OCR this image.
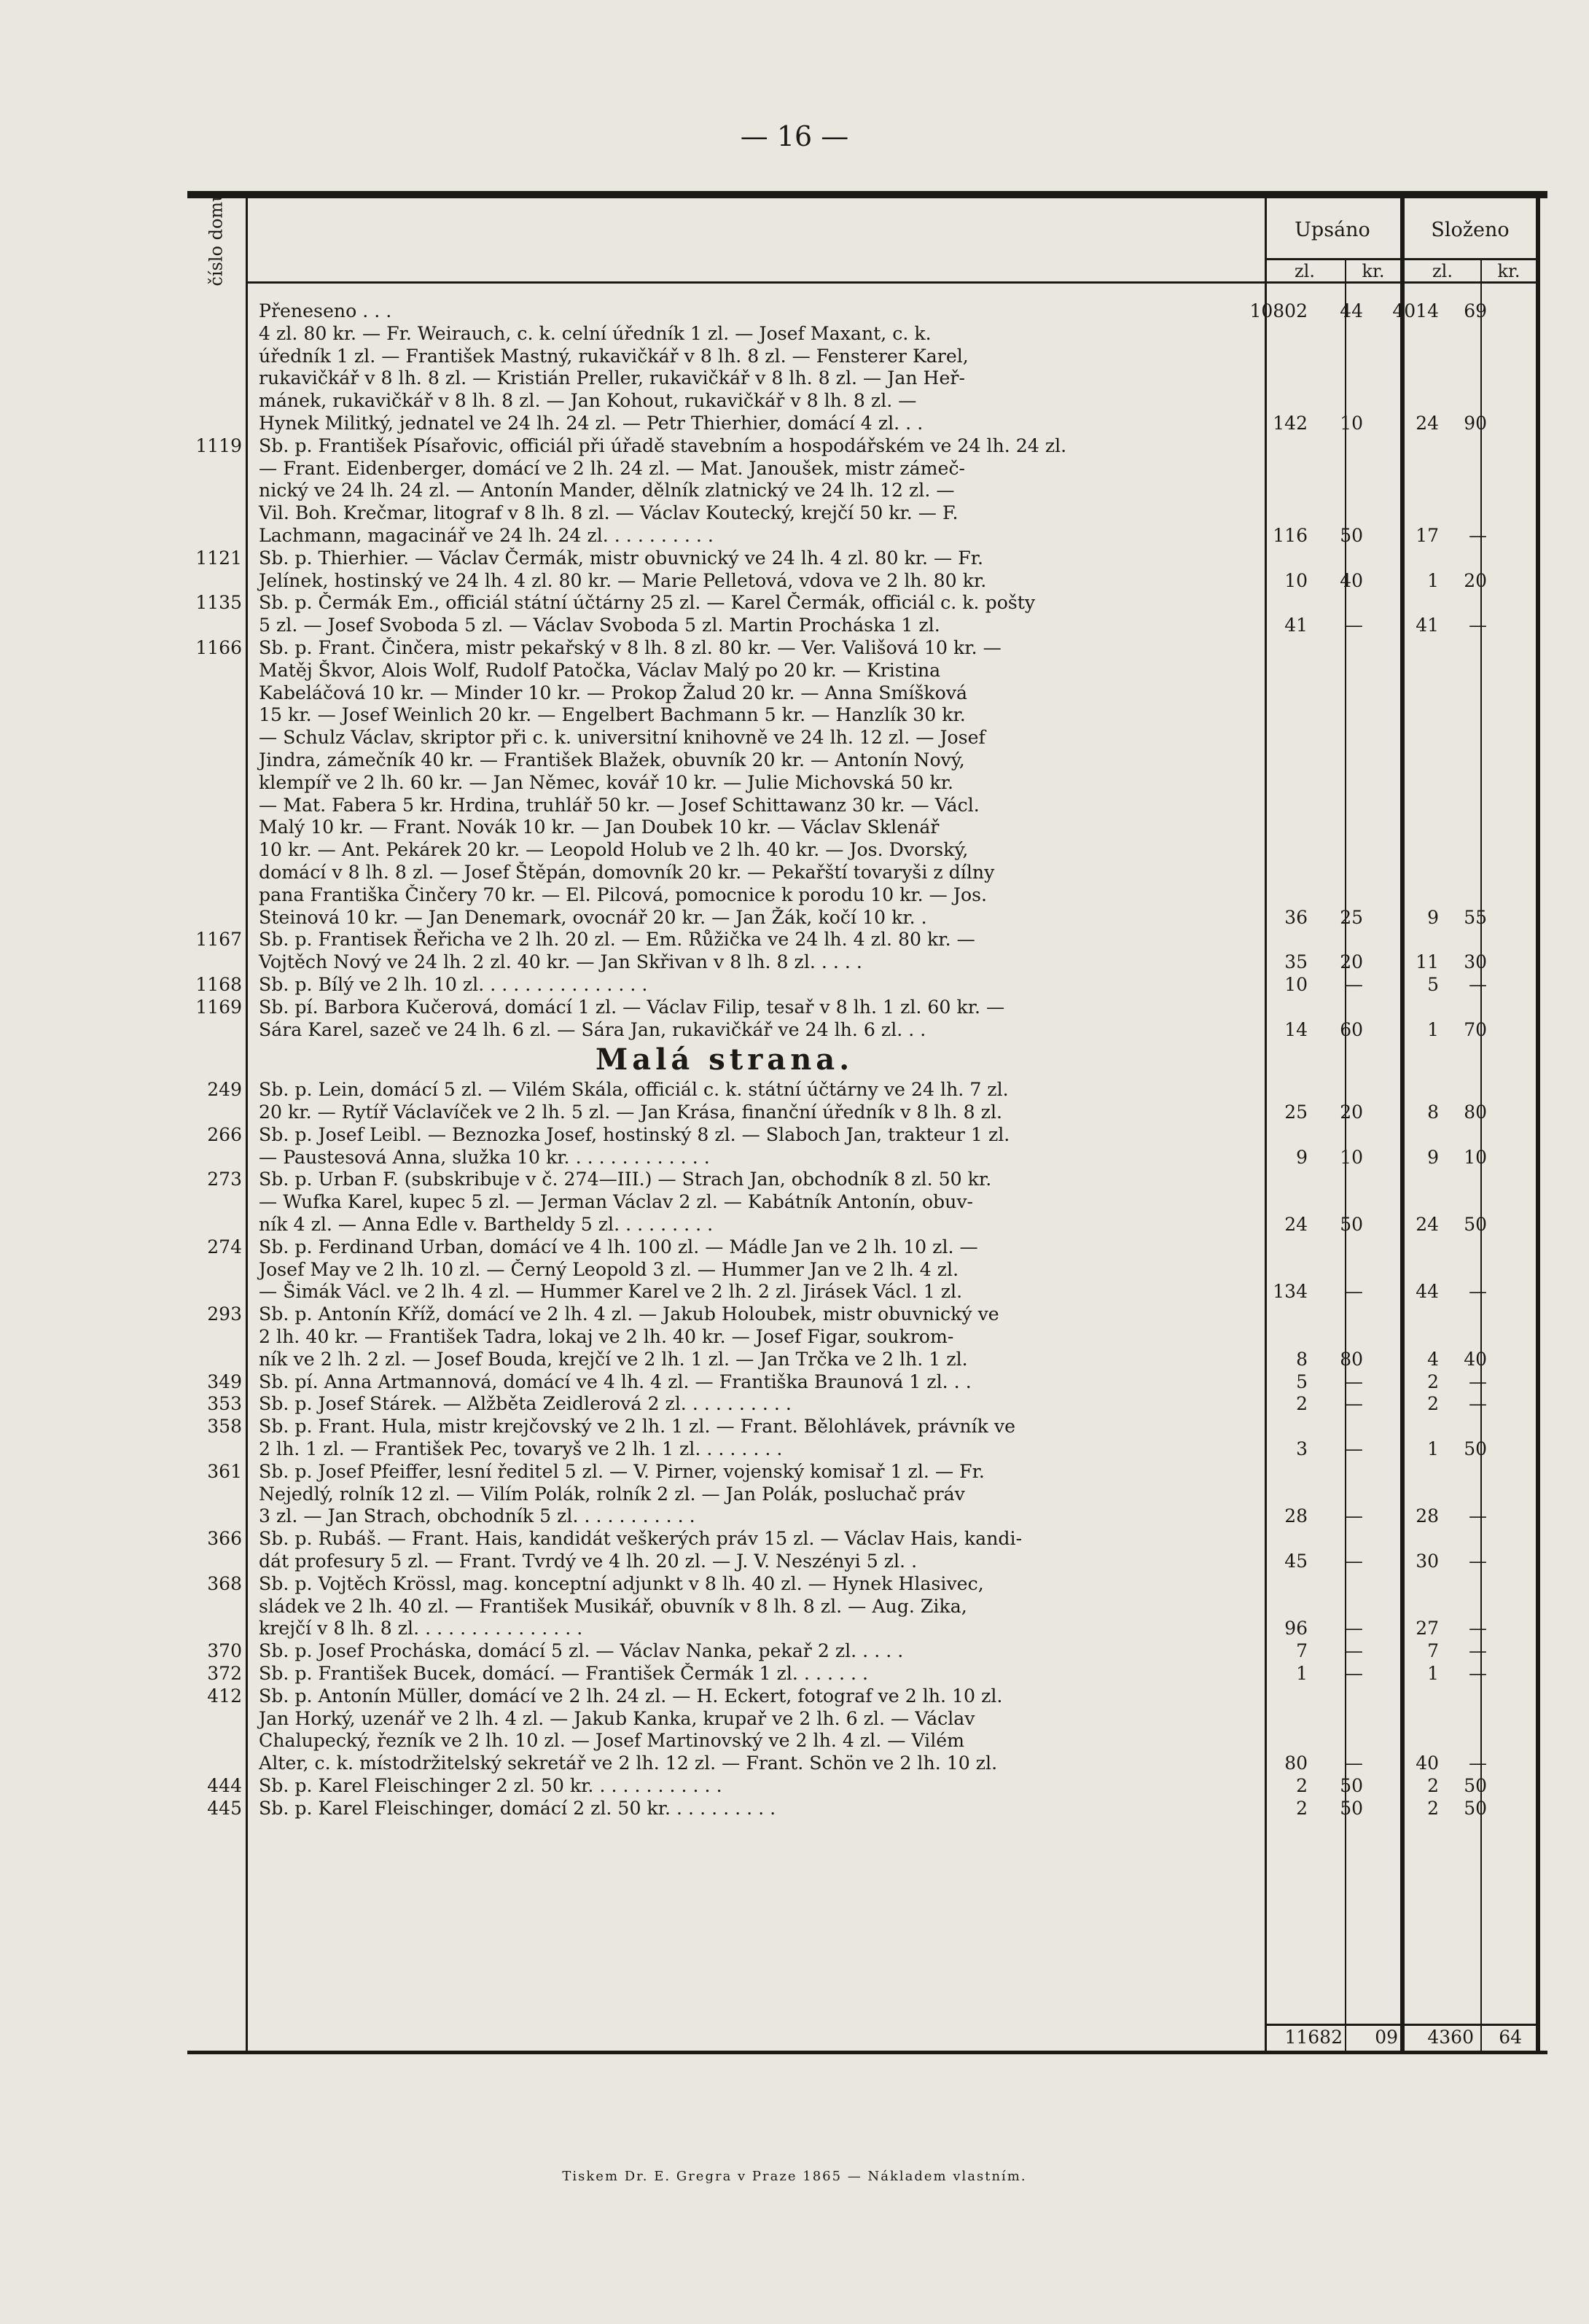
— 16 —
číslo domu	Upsáno	Složeno
zl.	kr.	zl.	kr.
Přeneseno . . .	10802	44	4014	69
4 zl. 80 kr. — Fr. Weirauch, c. k. celní úředník 1 zl. — Josef Maxant, c. k.
úředník 1 zl. — František Mastný, rukavičkář v 8 lh. 8 zl. — Fensterer Karel,
rukavičkář v 8 lh. 8 zl. — Kristián Preller, rukavičkář v 8 lh. 8 zl. — Jan Heř-
mánek, rukavičkář v 8 lh. 8 zl. — Jan Kohout, rukavičkář v 8 lh. 8 zl. —
Hynek Militký, jednatel ve 24 lh. 24 zl. — Petr Thierhier, domácí 4 zl. . .	142	10	24	90
1119 Sb. p. František Písařovic, officiál při úřadě stavebním a hospodářském ve 24 lh. 24 zl.
— Frant. Eidenberger, domácí ve 2 lh. 24 zl. — Mat. Janoušek, mistr zámeč-
nický ve 24 lh. 24 zl. — Antonín Mander, dělník zlatnický ve 24 lh. 12 zl. —
Vil. Boh. Krečmar, litograf v 8 lh. 8 zl. — Václav Koutecký, krejčí 50 kr. — F.
Lachmann, magacinář ve 24 lh. 24 zl. . . . . . . . . .	116	50	17	—
1121 Sb. p. Thierhier. — Václav Čermák, mistr obuvnický ve 24 lh. 4 zl. 80 kr. — Fr.
Jelínek, hostinský ve 24 lh. 4 zl. 80 kr. — Marie Pelletová, vdova ve 2 lh. 80 kr.	10	40	1	20
1135 Sb. p. Čermák Em., officiál státní účtárny 25 zl. — Karel Čermák, officiál c. k. pošty
5 zl. — Josef Svoboda 5 zl. — Václav Svoboda 5 zl. Martin Procháska 1 zl.	41	—	41	—
1166 Sb. p. Frant. Činčera, mistr pekařský v 8 lh. 8 zl. 80 kr. — Ver. Vališová 10 kr. —
Matěj Škvor, Alois Wolf, Rudolf Patočka, Václav Malý po 20 kr. — Kristina
Kabeláčová 10 kr. — Minder 10 kr. — Prokop Žalud 20 kr. — Anna Smíšková
15 kr. — Josef Weinlich 20 kr. — Engelbert Bachmann 5 kr. — Hanzlík 30 kr.
— Schulz Václav, skriptor při c. k. universitní knihovně ve 24 lh. 12 zl. — Josef
Jindra, zámečník 40 kr. — František Blažek, obuvník 20 kr. — Antonín Nový,
klempíř ve 2 lh. 60 kr. — Jan Němec, kovář 10 kr. — Julie Michovská 50 kr.
— Mat. Fabera 5 kr. Hrdina, truhlář 50 kr. — Josef Schittawanz 30 kr. — Václ.
Malý 10 kr. — Frant. Novák 10 kr. — Jan Doubek 10 kr. — Václav Sklenář
10 kr. — Ant. Pekárek 20 kr. — Leopold Holub ve 2 lh. 40 kr. — Jos. Dvorský,
domácí v 8 lh. 8 zl. — Josef Štěpán, domovník 20 kr. — Pekařští tovaryši z dílny
pana Františka Činčery 70 kr. — El. Pilcová, pomocnice k porodu 10 kr. — Jos.
Steinová 10 kr. — Jan Denemark, ovocnář 20 kr. — Jan Žák, kočí 10 kr. .	36	25	9	55
1167 Sb. p. Frantisek Řeřicha ve 2 lh. 20 zl. — Em. Růžička ve 24 lh. 4 zl. 80 kr. —
Vojtěch Nový ve 24 lh. 2 zl. 40 kr. — Jan Skřivan v 8 lh. 8 zl. . . . .	35	20	11	30
1168 Sb. p. Bílý ve 2 lh. 10 zl. . . . . . . . . . . . . . .	10	—	5	—
1169 Sb. pí. Barbora Kučerová, domácí 1 zl. — Václav Filip, tesař v 8 lh. 1 zl. 60 kr. —
Sára Karel, sazeč ve 24 lh. 6 zl. — Sára Jan, rukavičkář ve 24 lh. 6 zl. . .	14	60	1	70
Malá strana.
249 Sb. p. Lein, domácí 5 zl. — Vilém Skála, officiál c. k. státní účtárny ve 24 lh. 7 zl.
20 kr. — Rytíř Václavíček ve 2 lh. 5 zl. — Jan Krása, finanční úředník v 8 lh. 8 zl.	25	20	8	80
266 Sb. p. Josef Leibl. — Beznozka Josef, hostinský 8 zl. — Slaboch Jan, trakteur 1 zl.
— Paustesová Anna, služka 10 kr. . . . . . . . . . . . .	9	10	9	10
273 Sb. p. Urban F. (subskribuje v č. 274—III.) — Strach Jan, obchodník 8 zl. 50 kr.
— Wufka Karel, kupec 5 zl. — Jerman Václav 2 zl. — Kabátník Antonín, obuv-
ník 4 zl. — Anna Edle v. Bartheldy 5 zl. . . . . . . . .	24	50	24	50
274 Sb. p. Ferdinand Urban, domácí ve 4 lh. 100 zl. — Mádle Jan ve 2 lh. 10 zl. —
Josef May ve 2 lh. 10 zl. — Černý Leopold 3 zl. — Hummer Jan ve 2 lh. 4 zl.
— Šimák Václ. ve 2 lh. 4 zl. — Hummer Karel ve 2 lh. 2 zl. Jirásek Václ. 1 zl.	134	—	44	—
293 Sb. p. Antonín Kříž, domácí ve 2 lh. 4 zl. — Jakub Holoubek, mistr obuvnický ve
2 lh. 40 kr. — František Tadra, lokaj ve 2 lh. 40 kr. — Josef Figar, soukrom-
ník ve 2 lh. 2 zl. — Josef Bouda, krejčí ve 2 lh. 1 zl. — Jan Trčka ve 2 lh. 1 zl.	8	80	4	40
349 Sb. pí. Anna Artmannová, domácí ve 4 lh. 4 zl. — Františka Braunová 1 zl. . .	5	—	2	—
353 Sb. p. Josef Stárek. — Alžběta Zeidlerová 2 zl. . . . . . . . . .	2	—	2	—
358 Sb. p. Frant. Hula, mistr krejčovský ve 2 lh. 1 zl. — Frant. Bělohlávek, právník ve
2 lh. 1 zl. — František Pec, tovaryš ve 2 lh. 1 zl. . . . . . . .	3	—	1	50
361 Sb. p. Josef Pfeiffer, lesní ředitel 5 zl. — V. Pirner, vojenský komisař 1 zl. — Fr.
Nejedlý, rolník 12 zl. — Vilím Polák, rolník 2 zl. — Jan Polák, posluchač práv
3 zl. — Jan Strach, obchodník 5 zl. . . . . . . . . . .	28	—	28	—
366 Sb. p. Rubáš. — Frant. Hais, kandidát veškerých práv 15 zl. — Václav Hais, kandi-
dát profesury 5 zl. — Frant. Tvrdý ve 4 lh. 20 zl. — J. V. Neszényi 5 zl. .	45	—	30	—
368 Sb. p. Vojtěch Krössl, mag. konceptní adjunkt v 8 lh. 40 zl. — Hynek Hlasivec,
sládek ve 2 lh. 40 zl. — František Musikář, obuvník v 8 lh. 8 zl. — Aug. Zika,
krejčí v 8 lh. 8 zl. . . . . . . . . . . . . . .	96	—	27	—
370 Sb. p. Josef Procháska, domácí 5 zl. — Václav Nanka, pekař 2 zl. . . . .	7	—	7	—
372 Sb. p. František Bucek, domácí. — František Čermák 1 zl. . . . . . .	1	—	1	—
412 Sb. p. Antonín Müller, domácí ve 2 lh. 24 zl. — H. Eckert, fotograf ve 2 lh. 10 zl.
Jan Horký, uzenář ve 2 lh. 4 zl. — Jakub Kanka, krupař ve 2 lh. 6 zl. — Václav
Chalupecký, řezník ve 2 lh. 10 zl. — Josef Martinovský ve 2 lh. 4 zl. — Vilém
Alter, c. k. místodržitelský sekretář ve 2 lh. 12 zl. — Frant. Schön ve 2 lh. 10 zl.	80	—	40	—
444 Sb. p. Karel Fleischinger 2 zl. 50 kr. . . . . . . . . . . .	2	50	2	50
445 Sb. p. Karel Fleischinger, domácí 2 zl. 50 kr. . . . . . . . . .	2	50	2	50
11682	09	4360	64
Tiskem Dr. E. Gregra v Praze 1865 — Nákladem vlastním.
